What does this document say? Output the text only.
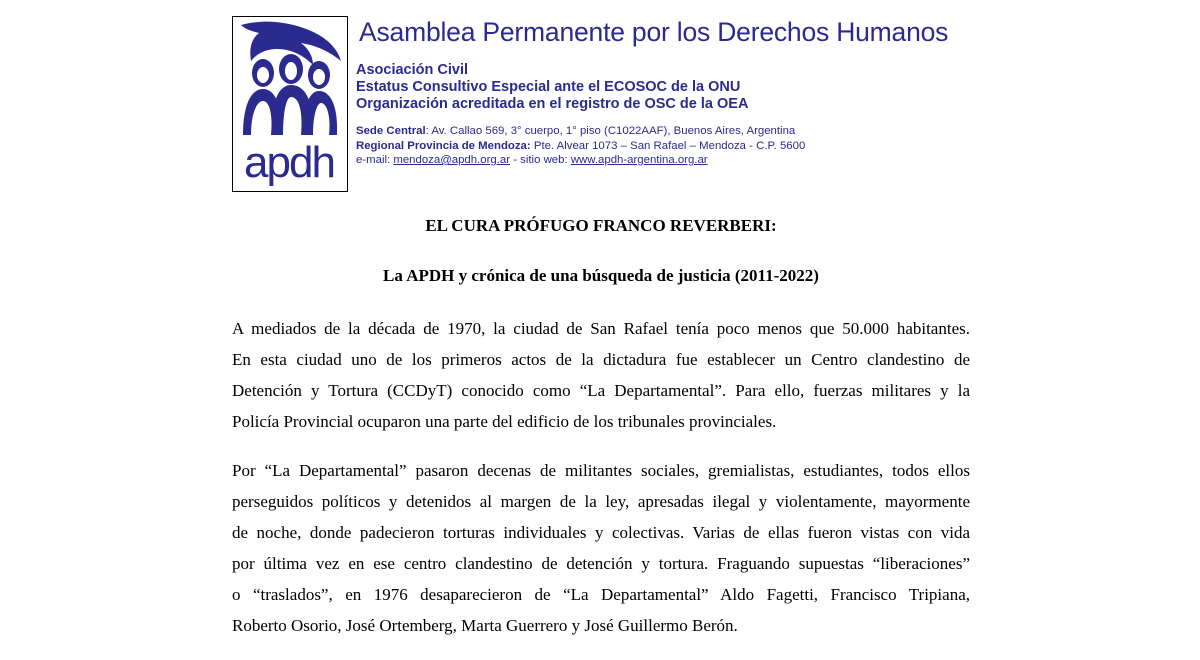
apdh
Asamblea Permanente por los Derechos Humanos
Asociación Civil
Estatus Consultivo Especial ante el ECOSOC de la ONU
Organización acreditada en el registro de OSC de la OEA
Sede Central: Av. Callao 569, 3° cuerpo, 1° piso (C1022AAF), Buenos Aires, Argentina
Regional Provincia de Mendoza: Pte. Alvear 1073 – San Rafael – Mendoza - C.P. 5600
e-mail: mendoza@apdh.org.ar - sitio web: www.apdh-argentina.org.ar
EL CURA PRÓFUGO FRANCO REVERBERI:
La APDH y crónica de una búsqueda de justicia (2011-2022)
A mediados de la década de 1970, la ciudad de San Rafael tenía poco menos que 50.000 habitantes.
En esta ciudad uno de los primeros actos de la dictadura fue establecer un Centro clandestino de
Detención y Tortura (CCDyT) conocido como “La Departamental”. Para ello, fuerzas militares y la
Policía Provincial ocuparon una parte del edificio de los tribunales provinciales.
Por “La Departamental” pasaron decenas de militantes sociales, gremialistas, estudiantes, todos ellos
perseguidos políticos y detenidos al margen de la ley, apresadas ilegal y violentamente, mayormente
de noche, donde padecieron torturas individuales y colectivas. Varias de ellas fueron vistas con vida
por última vez en ese centro clandestino de detención y tortura. Fraguando supuestas “liberaciones”
o “traslados”, en 1976 desaparecieron de “La Departamental” Aldo Fagetti, Francisco Tripiana,
Roberto Osorio, José Ortemberg, Marta Guerrero y José Guillermo Berón.
